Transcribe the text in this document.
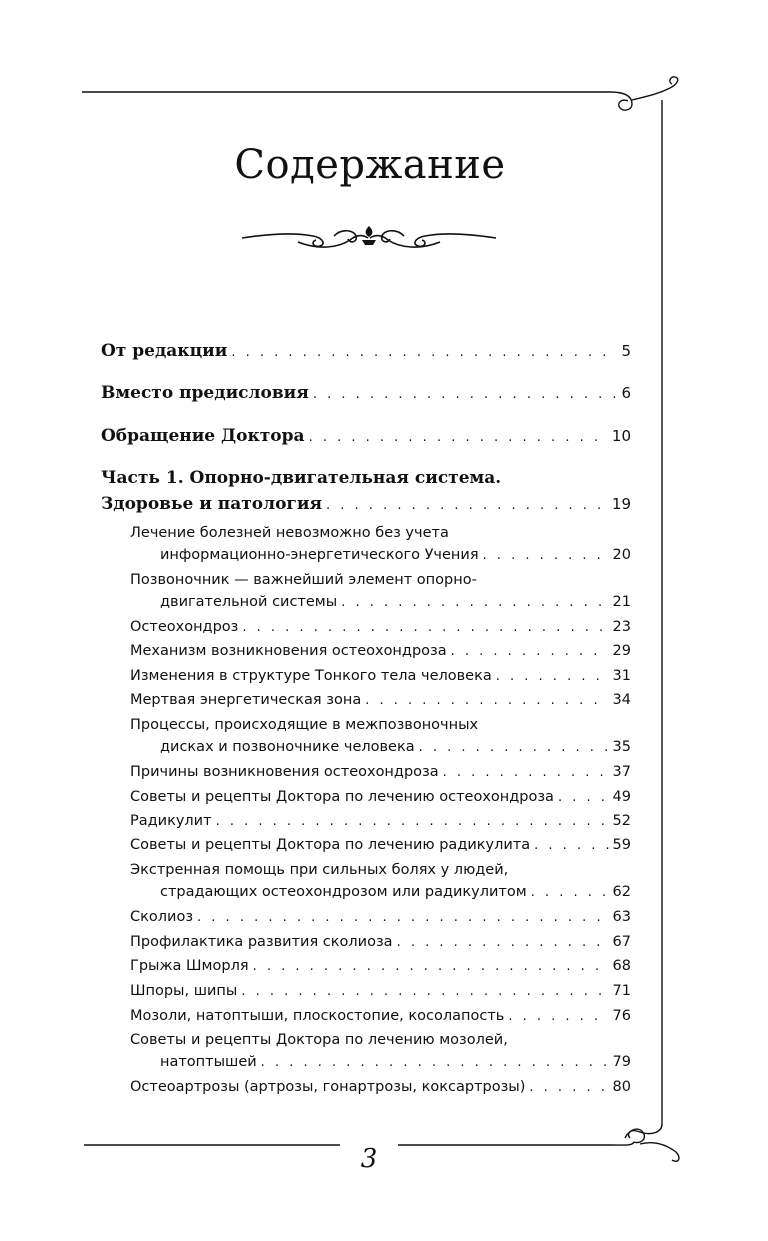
Содержание
От редакции . . .	5
Вместо предисловия . . .	6
Обращение Доктора . . .	10
Часть 1. Опорно-двигательная система.
Здоровье и патология . . .	19
Лечение болезней невозможно без учета
информационно-энергетического Учения . . .	20
Позвоночник — важнейший элемент опорно-
двигательной системы . . .	21
Остеохондроз . . .	23
Механизм возникновения остеохондроза . . .	29
Изменения в структуре Тонкого тела человека . . .	31
Мертвая энергетическая зона . . .	34
Процессы, происходящие в межпозвоночных
дисках и позвоночнике человека . . .	35
Причины возникновения остеохондроза . . .	37
Советы и рецепты Доктора по лечению остеохондроза . . .	49
Радикулит . . .	52
Советы и рецепты Доктора по лечению радикулита . . .	59
Экстренная помощь при сильных болях у людей,
страдающих остеохондрозом или радикулитом . . .	62
Сколиоз . . .	63
Профилактика развития сколиоза . . .	67
Грыжа Шморля . . .	68
Шпоры, шипы . . .	71
Мозоли, натоптыши, плоскостопие, косолапость . . .	76
Советы и рецепты Доктора по лечению мозолей,
натоптышей . . .	79
Остеоартрозы (артрозы, гонартрозы, коксартрозы) . . .	80
3
